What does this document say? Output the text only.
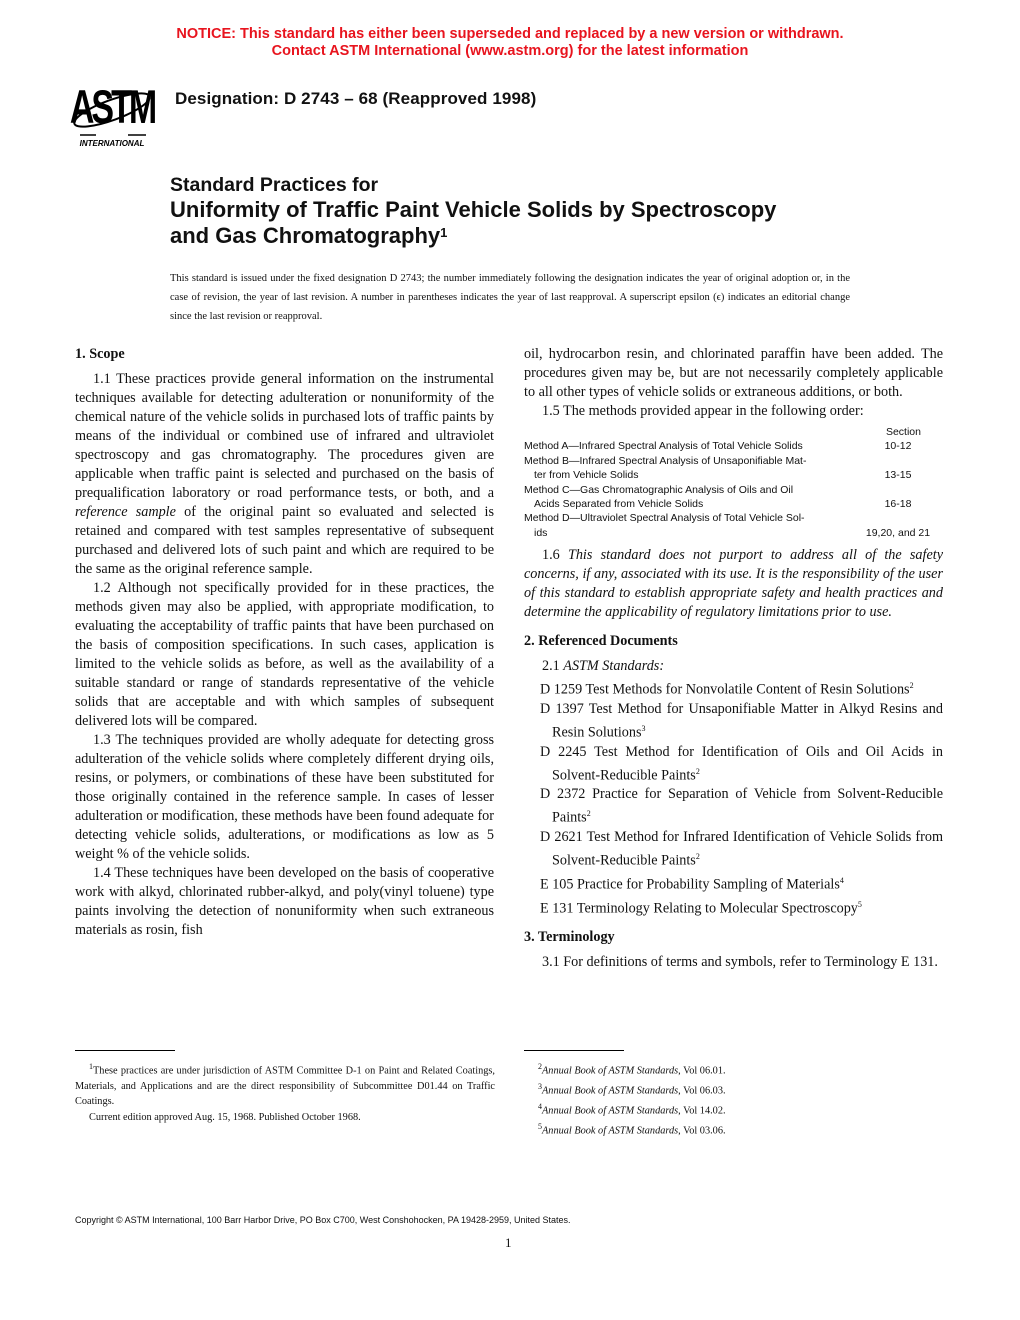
NOTICE: This standard has either been superseded and replaced by a new version or withdrawn.
Contact ASTM International (www.astm.org) for the latest information
ASTM
INTERNATIONAL
Designation: D 2743 – 68 (Reapproved 1998)
Standard Practices for
Uniformity of Traffic Paint Vehicle Solids by Spectroscopy
and Gas Chromatography$^1$
This standard is issued under the fixed designation D 2743; the number immediately following the designation indicates the year of original adoption or, in the case of revision, the year of last revision. A number in parentheses indicates the year of last reapproval. A superscript epsilon (ϵ) indicates an editorial change since the last revision or reapproval.
1. Scope

1.1 These practices provide general information on the instrumental techniques available for detecting adulteration or nonuniformity of the chemical nature of the vehicle solids in purchased lots of traffic paints by means of the individual or combined use of infrared and ultraviolet spectroscopy and gas chromatography. The procedures given are applicable when traffic paint is selected and purchased on the basis of prequalification laboratory or road performance tests, or both, and a reference sample of the original paint so evaluated and selected is retained and compared with test samples representative of subsequent purchased and delivered lots of such paint and which are required to be the same as the original reference sample.

1.2 Although not specifically provided for in these practices, the methods given may also be applied, with appropriate modification, to evaluating the acceptability of traffic paints that have been purchased on the basis of composition specifications. In such cases, application is limited to the vehicle solids as before, as well as the availability of a suitable standard or range of standards representative of the vehicle solids that are acceptable and with which samples of subsequent delivered lots will be compared.

1.3 The techniques provided are wholly adequate for detecting gross adulteration of the vehicle solids where completely different drying oils, resins, or polymers, or combinations of these have been substituted for those originally contained in the reference sample. In cases of lesser adulteration or modification, these methods have been found adequate for detecting vehicle solids, adulterations, or modifications as low as 5 weight % of the vehicle solids.

1.4 These techniques have been developed on the basis of cooperative work with alkyd, chlorinated rubber-alkyd, and poly(vinyl toluene) type paints involving the detection of nonuniformity when such extraneous materials as rosin, fish

oil, hydrocarbon resin, and chlorinated paraffin have been added. The procedures given may be, but are not necessarily completely applicable to all other types of vehicle solids or extraneous additions, or both.

1.5 The methods provided appear in the following order:

Section
Method A—Infrared Spectral Analysis of Total Vehicle Solids	10-12
Method B—Infrared Spectral Analysis of Unsaponifiable Mat-
ter from Vehicle Solids	13-15
Method C—Gas Chromatographic Analysis of Oils and Oil
Acids Separated from Vehicle Solids	16-18
Method D—Ultraviolet Spectral Analysis of Total Vehicle Sol-
ids	19,20, and 21

1.6 This standard does not purport to address all of the safety concerns, if any, associated with its use. It is the responsibility of the user of this standard to establish appropriate safety and health practices and determine the applicability of regulatory limitations prior to use.

2. Referenced Documents

2.1 ASTM Standards:

D 1259 Test Methods for Nonvolatile Content of Resin Solutions$^2$

D 1397 Test Method for Unsaponifiable Matter in Alkyd Resins and Resin Solutions$^3$

D 2245 Test Method for Identification of Oils and Oil Acids in Solvent-Reducible Paints$^2$

D 2372 Practice for Separation of Vehicle from Solvent-Reducible Paints$^2$

D 2621 Test Method for Infrared Identification of Vehicle Solids from Solvent-Reducible Paints$^2$

E 105 Practice for Probability Sampling of Materials$^4$

E 131 Terminology Relating to Molecular Spectroscopy$^5$

3. Terminology

3.1 For definitions of terms and symbols, refer to Terminology E 131.

$^1$These practices are under jurisdiction of ASTM Committee D-1 on Paint and Related Coatings, Materials, and Applications and are the direct responsibility of Subcommittee D01.44 on Traffic Coatings.

Current edition approved Aug. 15, 1968. Published October 1968.

$^2$Annual Book of ASTM Standards, Vol 06.01.

$^3$Annual Book of ASTM Standards, Vol 06.03.

$^4$Annual Book of ASTM Standards, Vol 14.02.

$^5$Annual Book of ASTM Standards, Vol 03.06.

Copyright © ASTM International, 100 Barr Harbor Drive, PO Box C700, West Conshohocken, PA 19428-2959, United States.
1
